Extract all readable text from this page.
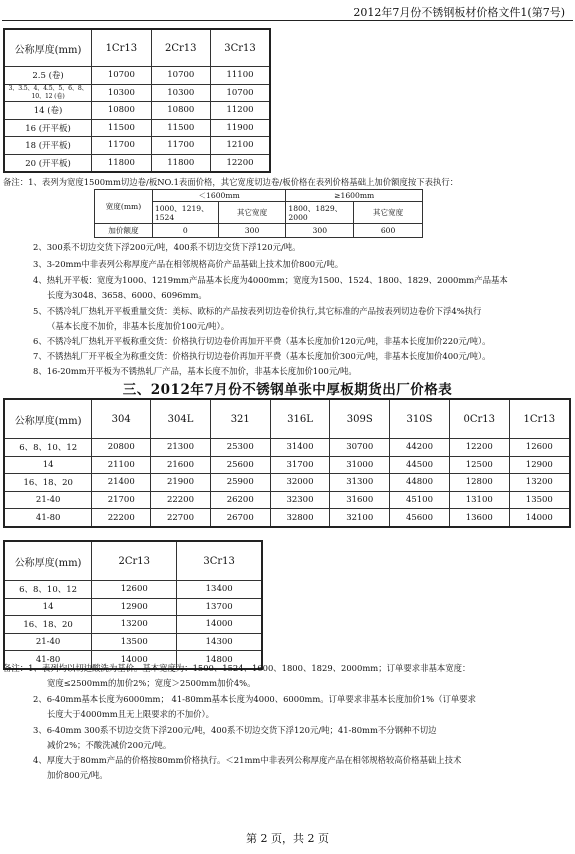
2012年7月份不锈钢板材价格文件1(第7号)
公称厚度(mm)	1Cr13	2Cr13	3Cr13
2.5 (卷)	10700	10700	11100
3、3.5、4、4.5、5、6、8、10、12 (卷)	10300	10300	10700
14 (卷)	10800	10800	11200
16 (开平板)	11500	11500	11900
18 (开平板)	11700	11700	12100
20 (开平板)	11800	11800	12200
备注：1、表列为宽度1500mm切边卷/板NO.1表面价格，其它宽度切边卷/板价格在表列价格基础上加价额度按下表执行：
宽度(mm)	＜1600mm		≥1600mm	
	1000、1219、1524	其它宽度	1800、1829、2000	其它宽度
加价额度	0	300	300	600
2、300系不切边交货下浮200元/吨，400系不切边交货下浮120元/吨。
3、3-20mm中非表列公称厚度产品在相邻规格高价产品基础上技术加价800元/吨。
4、热轧开平板：宽度为1000、1219mm产品基本长度为4000mm；宽度为1500、1524、1800、1829、2000mm产品基本
长度为3048、3658、6000、6096mm。
5、不锈冷轧厂热轧开平板重量交货：美标、欧标的产品按表列切边卷价执行,其它标准的产品按表列切边卷价下浮4%执行
（基本长度不加价，非基本长度加价100元/吨）。
6、不锈冷轧厂热轧开平板称重交货：价格执行切边卷价再加开平费（基本长度加价120元/吨，非基本长度加价220元/吨）。
7、不锈热轧厂开平板全为称重交货：价格执行切边卷价再加开平费（基本长度加价300元/吨，非基本长度加价400元/吨）。
8、16-20mm开平板为不锈热轧厂产品，基本长度不加价，非基本长度加价100元/吨。
三、2012年7月份不锈钢单张中厚板期货出厂价格表
公称厚度(mm)	304	304L	321	316L	309S	310S	0Cr13	1Cr13
6、8、10、12	20800	21300	25300	31400	30700	44200	12200	12600
14	21100	21600	25600	31700	31000	44500	12500	12900
16、18、20	21400	21900	25900	32000	31300	44800	12800	13200
21-40	21700	22200	26200	32300	31600	45100	13100	13500
41-80	22200	22700	26700	32800	32100	45600	13600	14000
公称厚度(mm)	2Cr13	3Cr13
6、8、10、12	12600	13400
14	12900	13700
16、18、20	13200	14000
21-40	13500	14300
41-80	14000	14800
备注：1、表列均以切边酸洗为基价。基本宽度为：1500、1524、1600、1800、1829、2000mm；订单要求非基本宽度：
宽度≤2500mm的加价2%；宽度＞2500mm加价4%。
2、6-40mm基本长度为6000mm； 41-80mm基本长度为4000、6000mm。订单要求非基本长度加价1%（订单要求
长度大于4000mm且无上限要求的不加价）。
3、6-40mm 300系不切边交货下浮200元/吨，400系不切边交货下浮120元/吨；41-80mm不分钢种不切边
减价2%；不酸洗减价200元/吨。
4、厚度大于80mm产品的价格按80mm价格执行。＜21mm中非表列公称厚度产品在相邻规格较高价格基础上技术
加价800元/吨。
第 2 页，共 2 页
